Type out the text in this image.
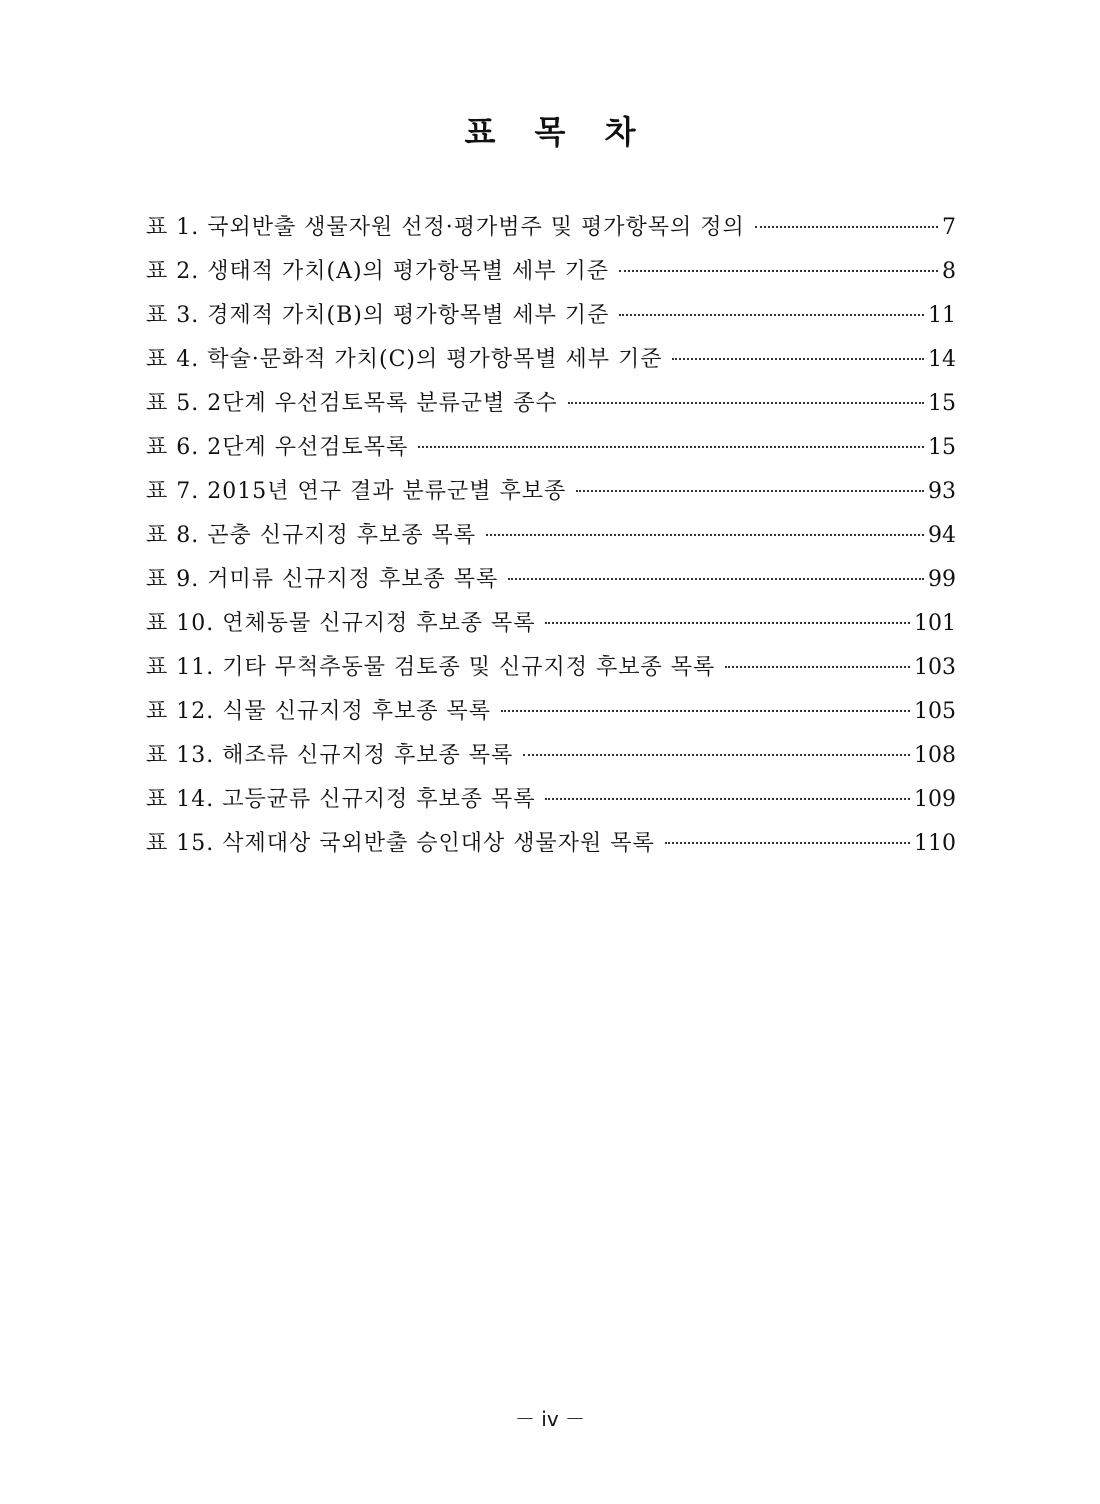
표 목 차
표 1. 국외반출 생물자원 선정·평가범주 및 평가항목의 정의	7
표 2. 생태적 가치(A)의 평가항목별 세부 기준	8
표 3. 경제적 가치(B)의 평가항목별 세부 기준	11
표 4. 학술·문화적 가치(C)의 평가항목별 세부 기준	14
표 5. 2단계 우선검토목록 분류군별 종수	15
표 6. 2단계 우선검토목록	15
표 7. 2015년 연구 결과 분류군별 후보종	93
표 8. 곤충 신규지정 후보종 목록	94
표 9. 거미류 신규지정 후보종 목록	99
표 10. 연체동물 신규지정 후보종 목록	101
표 11. 기타 무척추동물 검토종 및 신규지정 후보종 목록	103
표 12. 식물 신규지정 후보종 목록	105
표 13. 해조류 신규지정 후보종 목록	108
표 14. 고등균류 신규지정 후보종 목록	109
표 15. 삭제대상 국외반출 승인대상 생물자원 목록	110
－ iv －
